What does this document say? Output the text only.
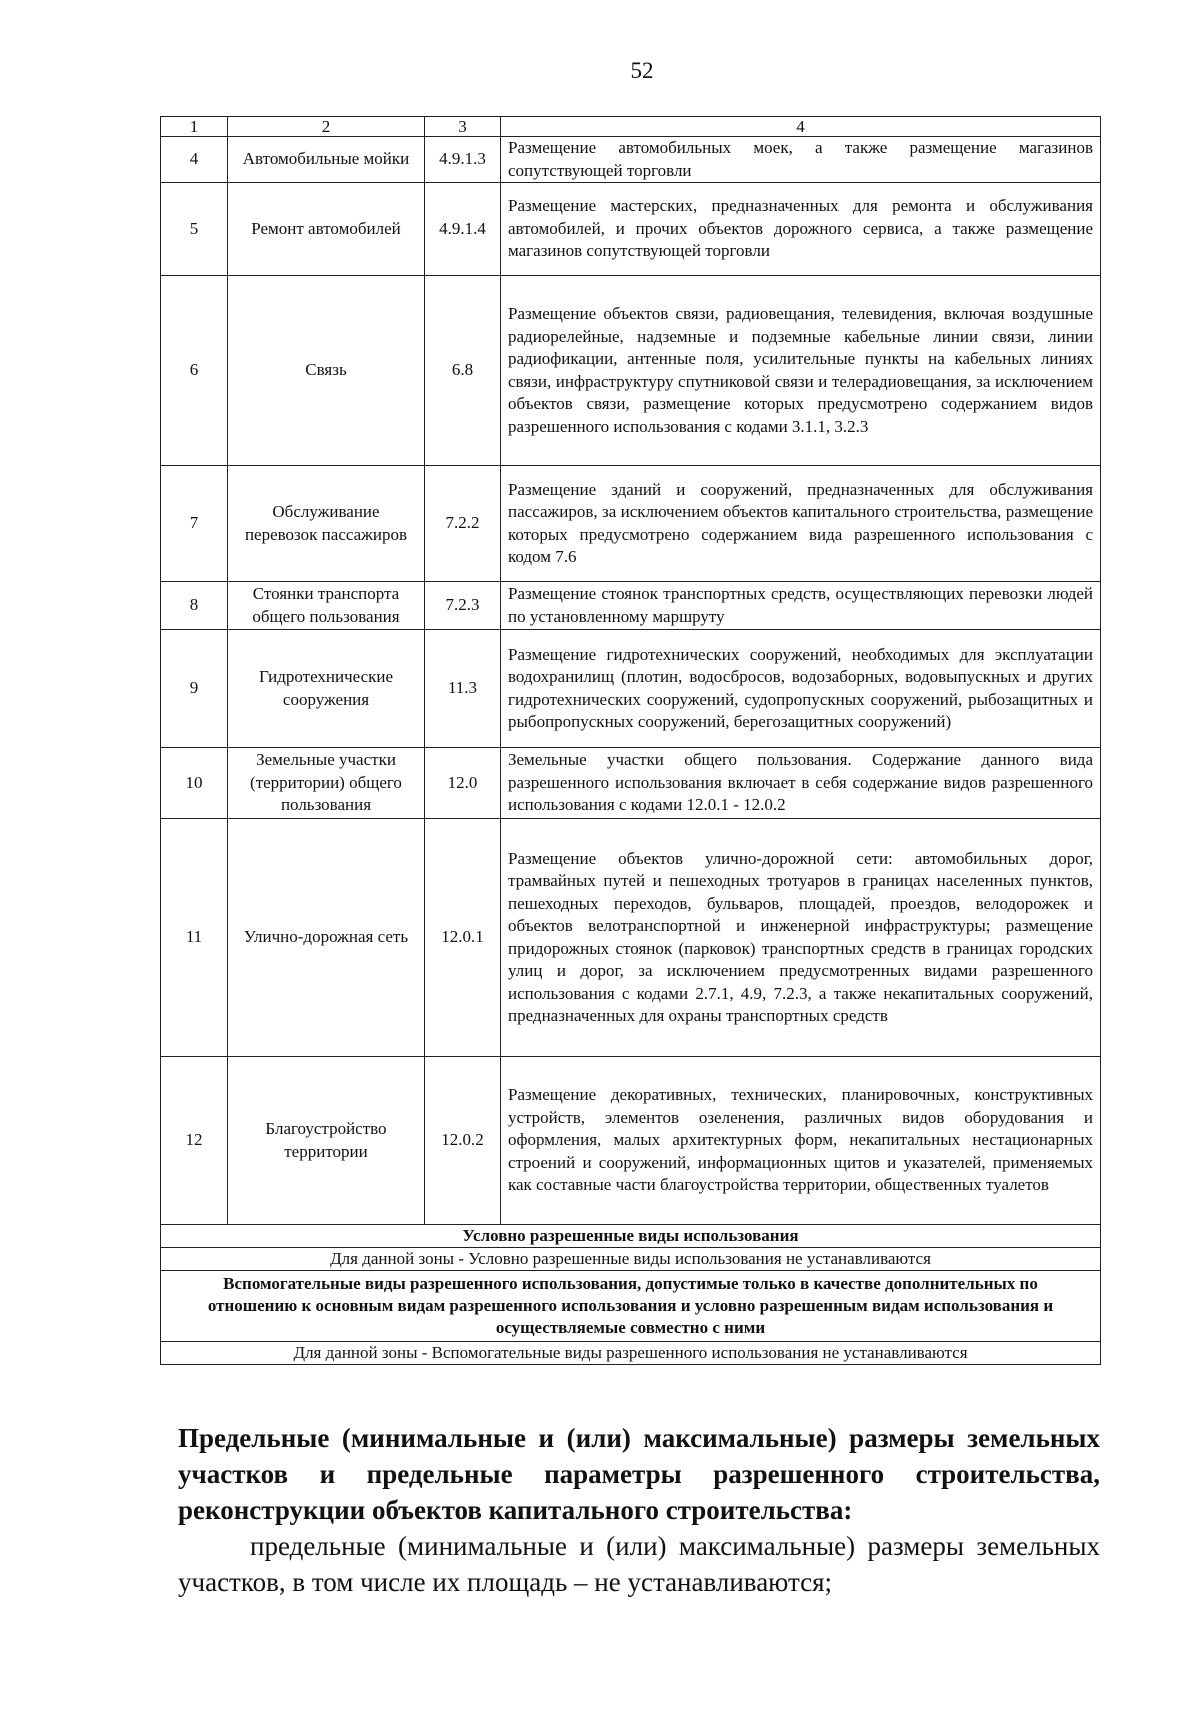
52
1	2	3	4
4	Автомобильные мойки	4.9.1.3	Размещение автомобильных моек, а также размещение магазинов сопутствующей торговли
5	Ремонт автомобилей	4.9.1.4	Размещение мастерских, предназначенных для ремонта и обслуживания автомобилей, и прочих объектов дорожного сервиса, а также размещение магазинов сопутствующей торговли
6	Связь	6.8	Размещение объектов связи, радиовещания, телевидения, включая воздушные радиорелейные, надземные и подземные кабельные линии связи, линии радиофикации, антенные поля, усилительные пункты на кабельных линиях связи, инфраструктуру спутниковой связи и телерадиовещания, за исключением объектов связи, размещение которых предусмотрено содержанием видов разрешенного использования с кодами 3.1.1, 3.2.3
7	Обслуживание перевозок пассажиров	7.2.2	Размещение зданий и сооружений, предназначенных для обслуживания пассажиров, за исключением объектов капитального строительства, размещение которых предусмотрено содержанием вида разрешенного использования с кодом 7.6
8	Стоянки транспорта общего пользования	7.2.3	Размещение стоянок транспортных средств, осуществляющих перевозки людей по установленному маршруту
9	Гидротехнические сооружения	11.3	Размещение гидротехнических сооружений, необходимых для эксплуатации водохранилищ (плотин, водосбросов, водозаборных, водовыпускных и других гидротехнических сооружений, судопропускных сооружений, рыбозащитных и рыбопропускных сооружений, берегозащитных сооружений)
10	Земельные участки (территории) общего пользования	12.0	Земельные участки общего пользования. Содержание данного вида разрешенного использования включает в себя содержание видов разрешенного использования с кодами 12.0.1 - 12.0.2
11	Улично-дорожная сеть	12.0.1	Размещение объектов улично-дорожной сети: автомобильных дорог, трамвайных путей и пешеходных тротуаров в границах населенных пунктов, пешеходных переходов, бульваров, площадей, проездов, велодорожек и объектов велотранспортной и инженерной инфраструктуры; размещение придорожных стоянок (парковок) транспортных средств в границах городских улиц и дорог, за исключением предусмотренных видами разрешенного использования с кодами 2.7.1, 4.9, 7.2.3, а также некапитальных сооружений, предназначенных для охраны транспортных средств
12	Благоустройство территории	12.0.2	Размещение декоративных, технических, планировочных, конструктивных устройств, элементов озеленения, различных видов оборудования и оформления, малых архитектурных форм, некапитальных нестационарных строений и сооружений, информационных щитов и указателей, применяемых как составные части благоустройства территории, общественных туалетов
Условно разрешенные виды использования			
Для данной зоны - Условно разрешенные виды использования не устанавливаются			
Вспомогательные виды разрешенного использования, допустимые только в качестве дополнительных по отношению к основным видам разрешенного использования и условно разрешенным видам использования и осуществляемые совместно с ними			
Для данной зоны - Вспомогательные виды разрешенного использования не устанавливаются			
Предельные (минимальные и (или) максимальные) размеры земельных участков и предельные параметры разрешенного строительства, реконструкции объектов капитального строительства:
предельные (минимальные и (или) максимальные) размеры земельных участков, в том числе их площадь – не устанавливаются;
